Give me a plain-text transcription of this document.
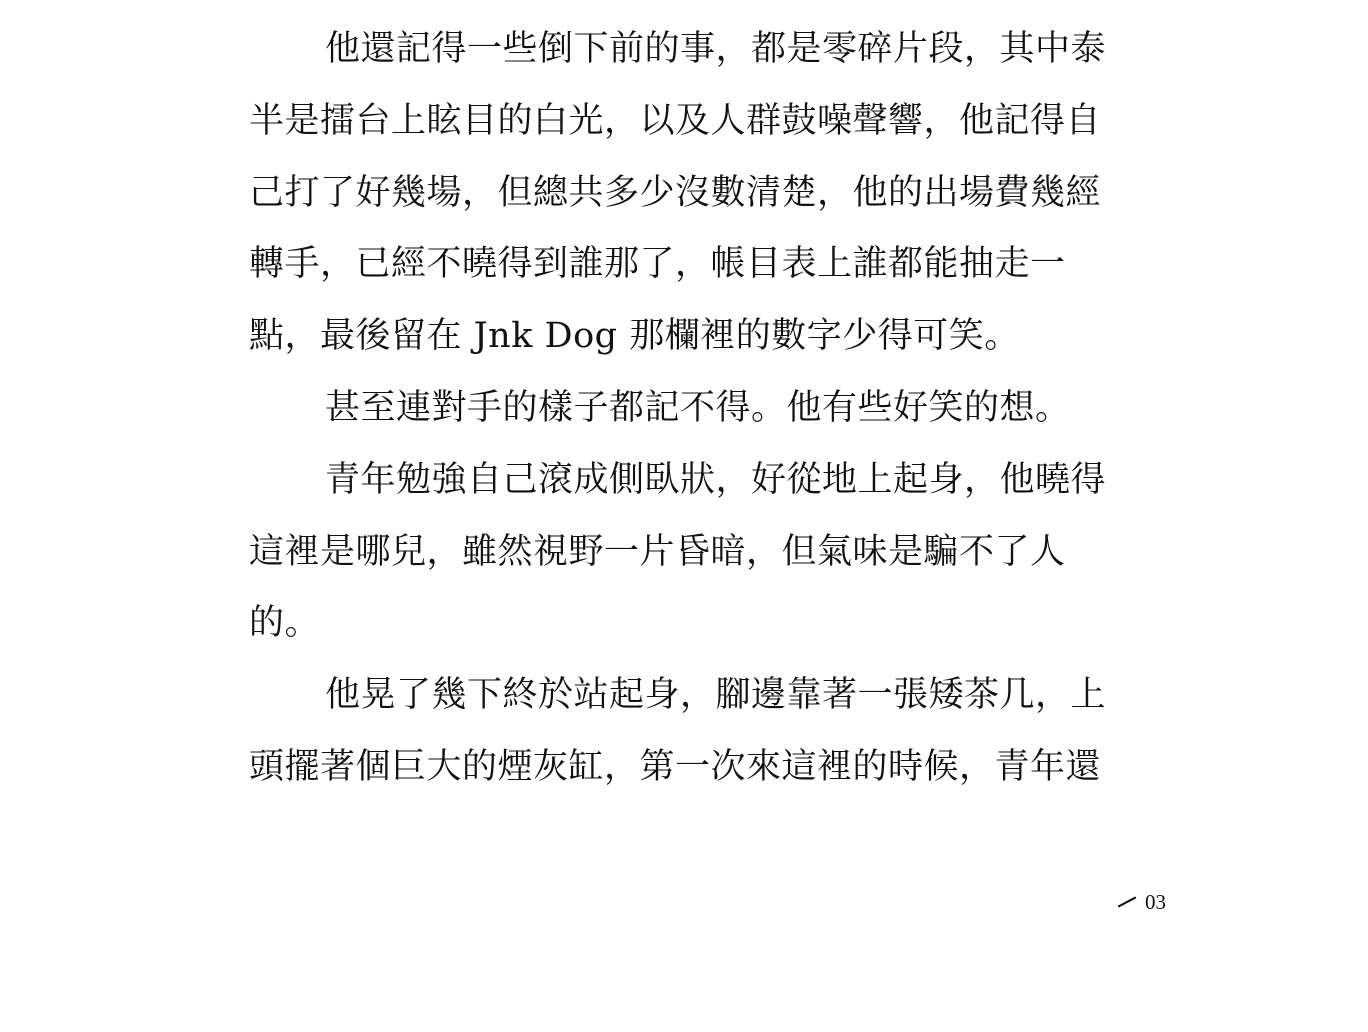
他還記得一些倒下前的事，都是零碎片段，其中泰
半是擂台上眩目的白光，以及人群鼓噪聲響，他記得自
己打了好幾場，但總共多少沒數清楚，他的出場費幾經
轉手，已經不曉得到誰那了，帳目表上誰都能抽走一
點，最後留在 Jnk Dog 那欄裡的數字少得可笑。
甚至連對手的樣子都記不得。他有些好笑的想。
青年勉強自己滾成側臥狀，好從地上起身，他曉得
這裡是哪兒，雖然視野一片昏暗，但氣味是騙不了人
的。
他晃了幾下終於站起身，腳邊靠著一張矮茶几，上
頭擺著個巨大的煙灰缸，第一次來這裡的時候，青年還
03
